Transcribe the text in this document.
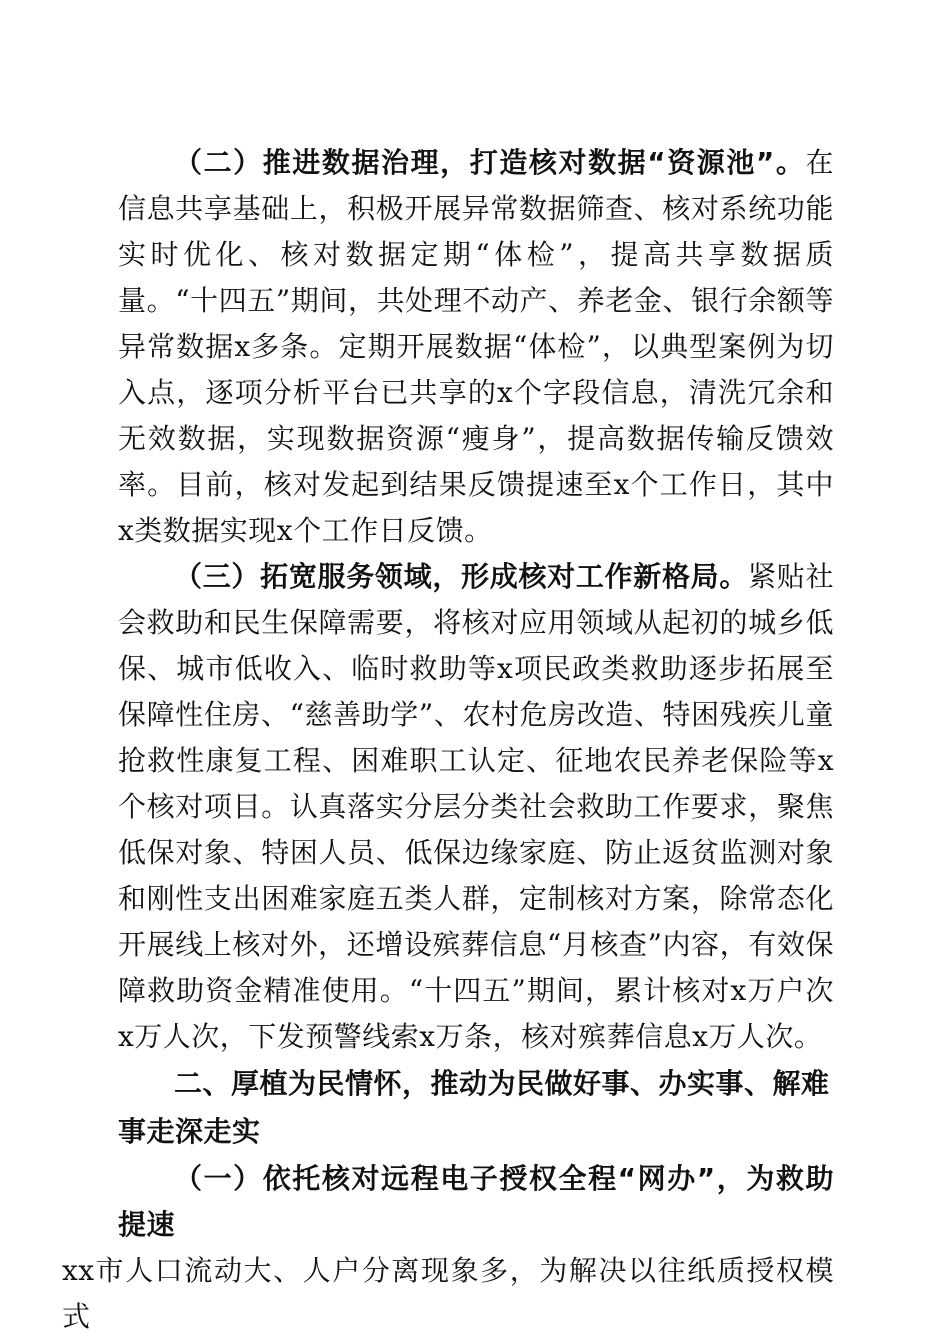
（二）推进数据治理，打造核对数据“资源池”。在信息共享基础上，积极开展异常数据筛查、核对系统功能实时优化、核对数据定期“体检”，提高共享数据质量。“十四五”期间，共处理不动产、养老金、银行余额等异常数据x多条。定期开展数据“体检”，以典型案例为切入点，逐项分析平台已共享的x个字段信息，清洗冗余和无效数据，实现数据资源“瘦身”，提高数据传输反馈效率。目前，核对发起到结果反馈提速至x个工作日，其中x类数据实现x个工作日反馈。

（三）拓宽服务领域，形成核对工作新格局。紧贴社会救助和民生保障需要，将核对应用领域从起初的城乡低保、城市低收入、临时救助等x项民政类救助逐步拓展至保障性住房、“慈善助学”、农村危房改造、特困残疾儿童抢救性康复工程、困难职工认定、征地农民养老保险等x个核对项目。认真落实分层分类社会救助工作要求，聚焦低保对象、特困人员、低保边缘家庭、防止返贫监测对象和刚性支出困难家庭五类人群，定制核对方案，除常态化开展线上核对外，还增设殡葬信息“月核查”内容，有效保障救助资金精准使用。“十四五”期间，累计核对x万户次x万人次，下发预警线索x万条，核对殡葬信息x万人次。

二、厚植为民情怀，推动为民做好事、办实事、解难事走深走实

（一）依托核对远程电子授权全程“网办”，为救助提速
xx市人口流动大、人户分离现象多，为解决以往纸质授权模式
